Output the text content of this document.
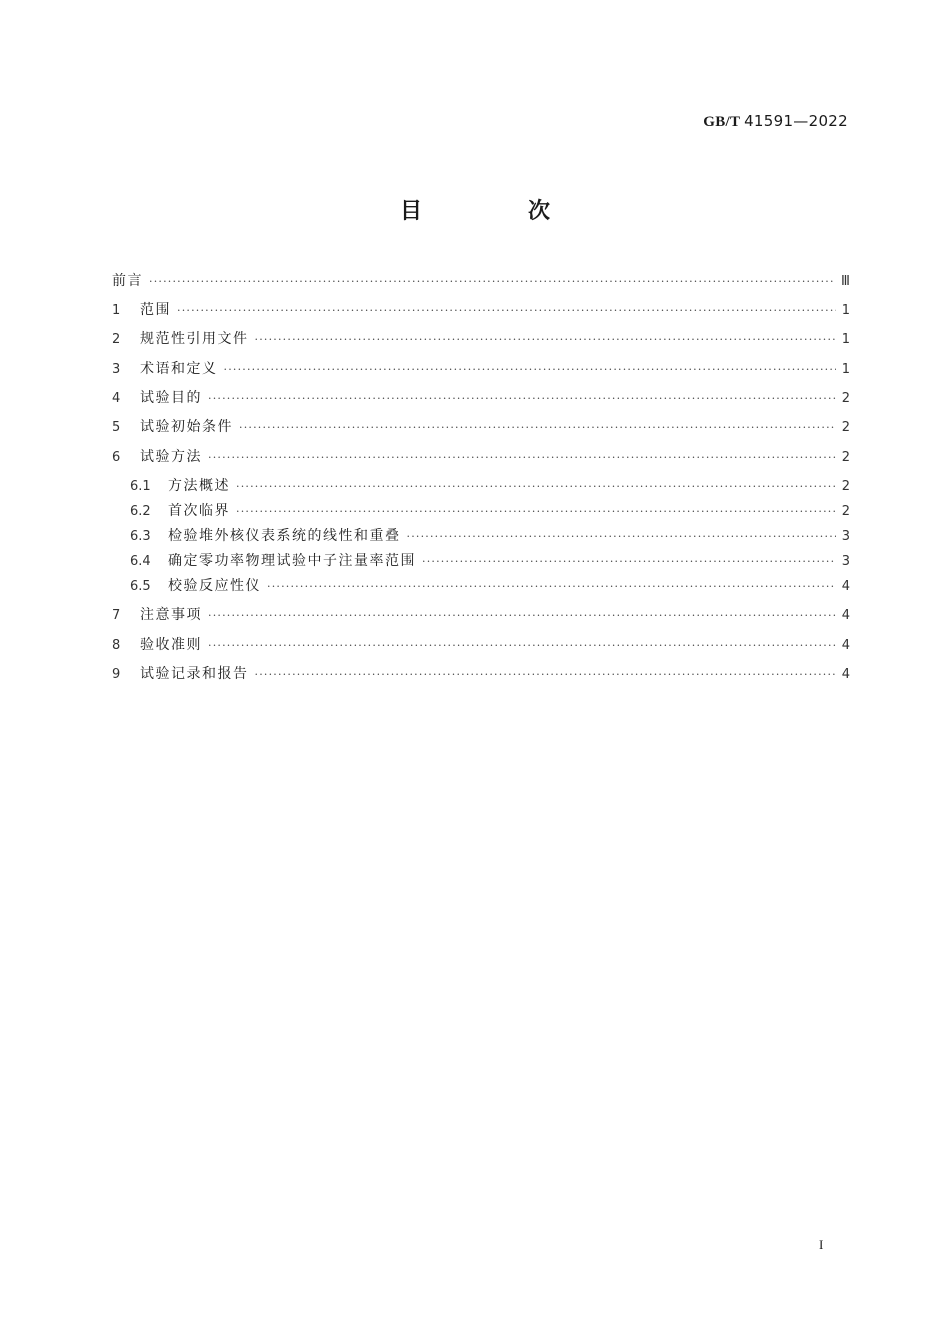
GB/T 41591—2022
目　次
前言 ·····	Ⅲ
1	范围 ·····	1
2	规范性引用文件 ·····	1
3	术语和定义 ·····	1
4	试验目的 ·····	2
5	试验初始条件 ·····	2
6	试验方法 ·····	2
6.1	方法概述 ·····	2
6.2	首次临界 ·····	2
6.3	检验堆外核仪表系统的线性和重叠 ·····	3
6.4	确定零功率物理试验中子注量率范围 ·····	3
6.5	校验反应性仪 ·····	4
7	注意事项 ·····	4
8	验收准则 ·····	4
9	试验记录和报告 ·····	4
I
